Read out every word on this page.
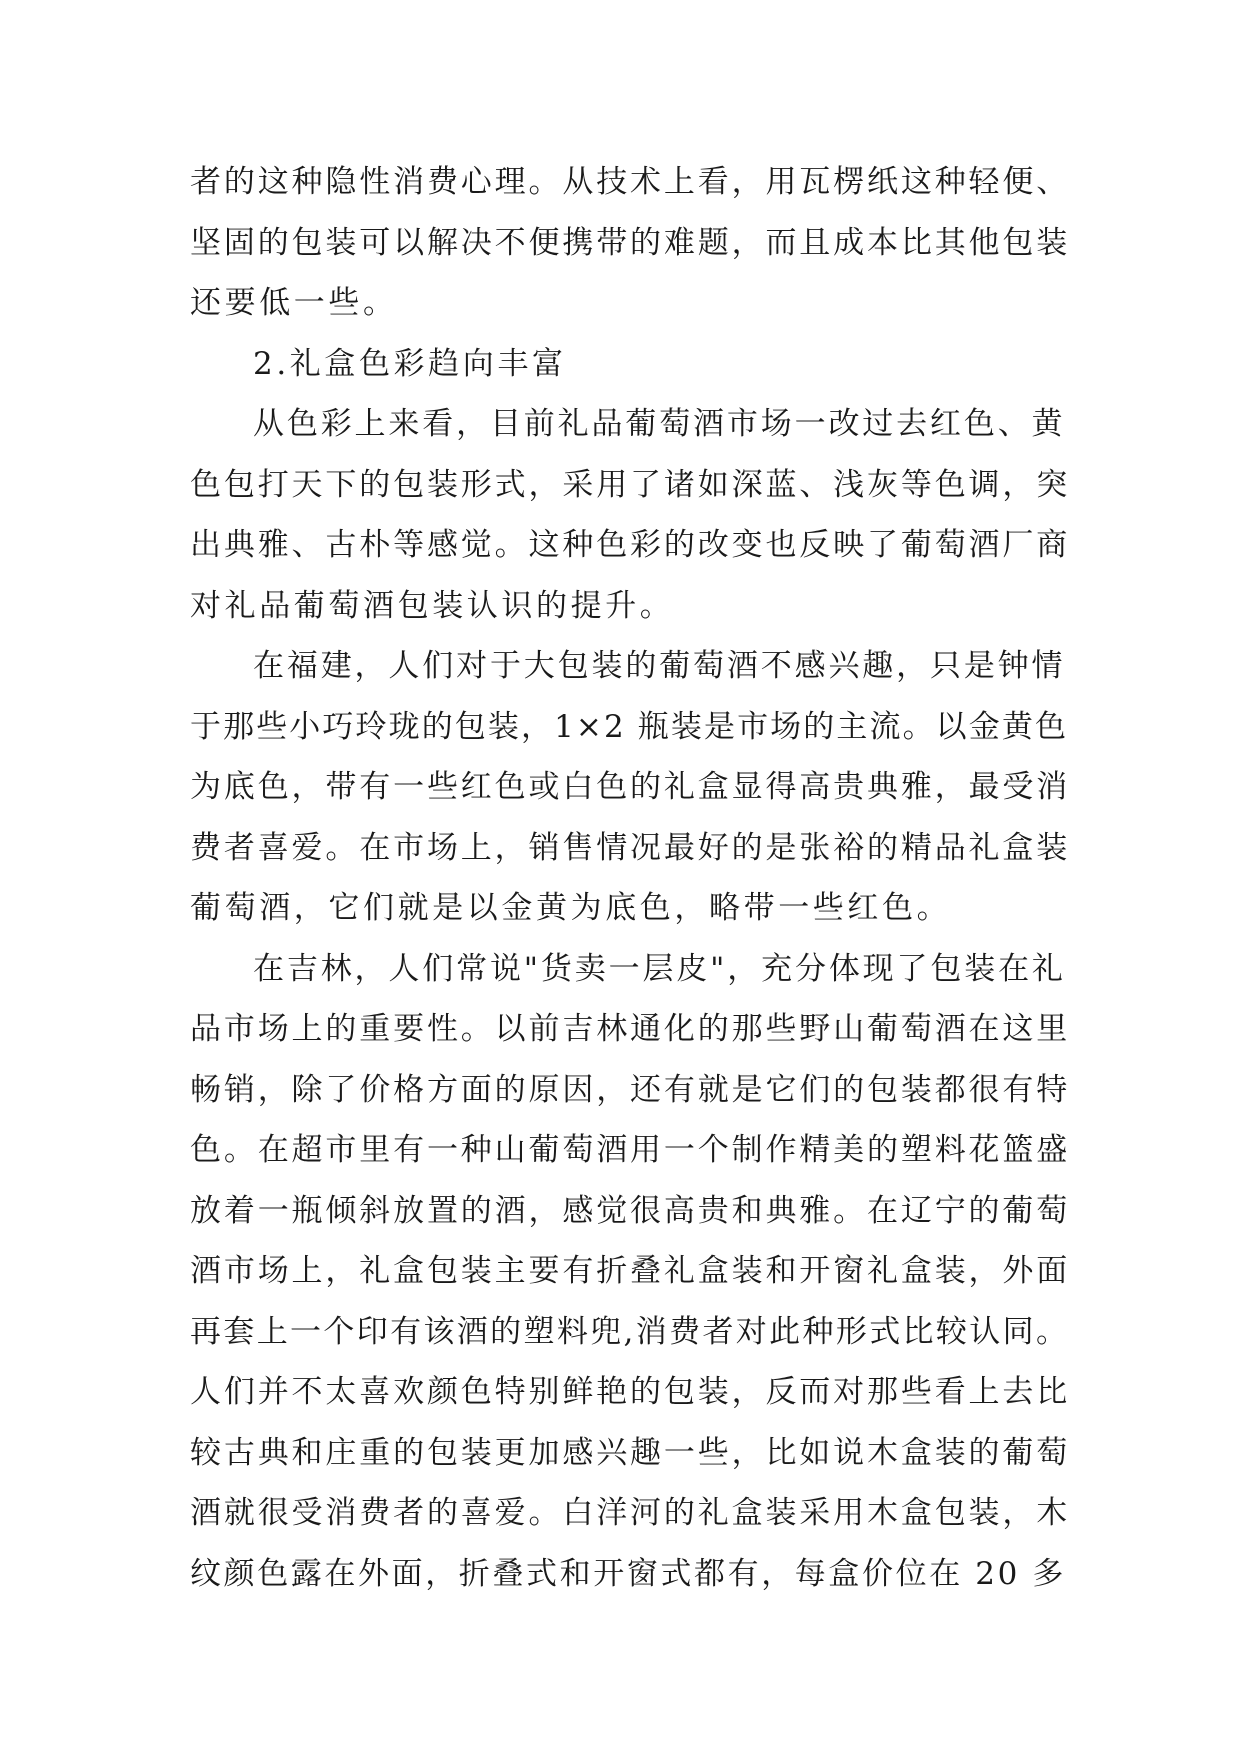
者的这种隐性消费心理。从技术上看，用瓦楞纸这种轻便、
坚固的包装可以解决不便携带的难题，而且成本比其他包装
还要低一些。
2.礼盒色彩趋向丰富
从色彩上来看，目前礼品葡萄酒市场一改过去红色、黄
色包打天下的包装形式，采用了诸如深蓝、浅灰等色调，突
出典雅、古朴等感觉。这种色彩的改变也反映了葡萄酒厂商
对礼品葡萄酒包装认识的提升。
在福建，人们对于大包装的葡萄酒不感兴趣，只是钟情
于那些小巧玲珑的包装，1×2 瓶装是市场的主流。以金黄色
为底色，带有一些红色或白色的礼盒显得高贵典雅，最受消
费者喜爱。在市场上，销售情况最好的是张裕的精品礼盒装
葡萄酒，它们就是以金黄为底色，略带一些红色。
在吉林，人们常说"货卖一层皮"，充分体现了包装在礼
品市场上的重要性。以前吉林通化的那些野山葡萄酒在这里
畅销，除了价格方面的原因，还有就是它们的包装都很有特
色。在超市里有一种山葡萄酒用一个制作精美的塑料花篮盛
放着一瓶倾斜放置的酒，感觉很高贵和典雅。在辽宁的葡萄
酒市场上，礼盒包装主要有折叠礼盒装和开窗礼盒装，外面
再套上一个印有该酒的塑料兜,消费者对此种形式比较认同。
人们并不太喜欢颜色特别鲜艳的包装，反而对那些看上去比
较古典和庄重的包装更加感兴趣一些，比如说木盒装的葡萄
酒就很受消费者的喜爱。白洋河的礼盒装采用木盒包装，木
纹颜色露在外面，折叠式和开窗式都有，每盒价位在 20 多
